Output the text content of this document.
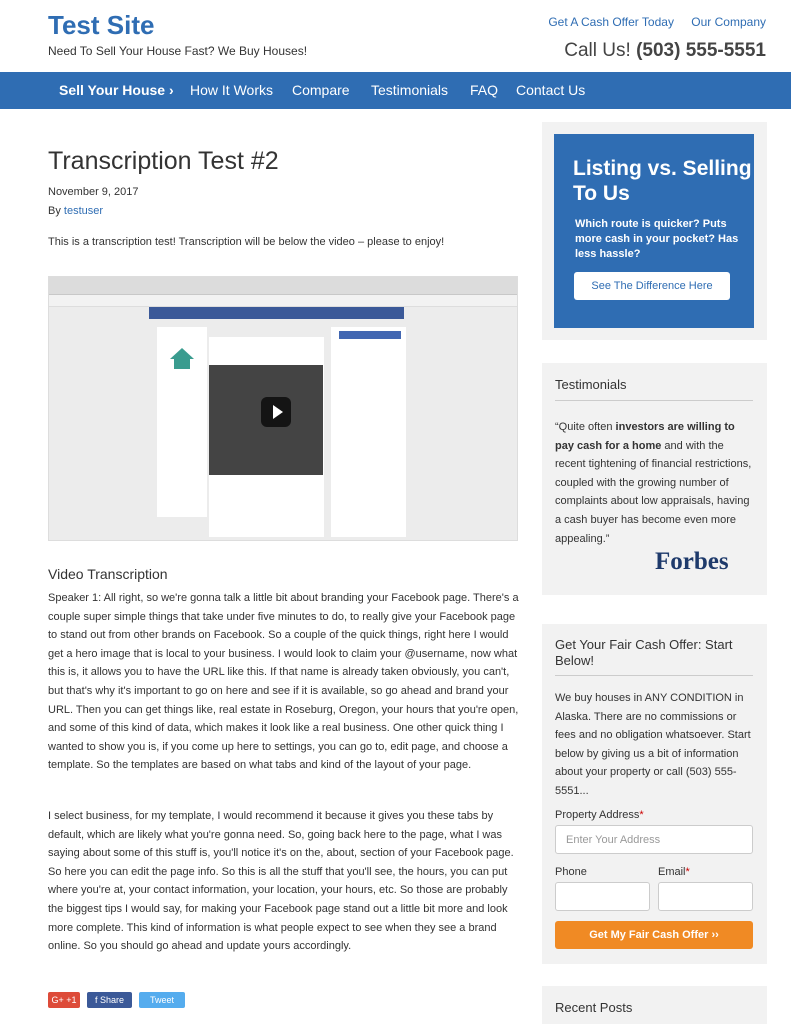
Test Site
Need To Sell Your House Fast? We Buy Houses!
Get A Cash Offer Today Our Company
Call Us! (503) 555-5551
Sell Your House › How It Works Compare Testimonials FAQ Contact Us
Transcription Test #2
November 9, 2017
By testuser
This is a transcription test! Transcription will be below the video – please to enjoy!
Video Transcription
Speaker 1: All right, so we're gonna talk a little bit about branding your Facebook page. There's a couple super simple things that take under five minutes to do, to really give your Facebook page to stand out from other brands on Facebook. So a couple of the quick things, right here I would get a hero image that is local to your business. I would look to claim your @username, now what this is, it allows you to have the URL like this. If that name is already taken obviously, you can't, but that's why it's important to go on here and see if it is available, so go ahead and brand your URL. Then you can get things like, real estate in Roseburg, Oregon, your hours that you're open, and some of this kind of data, which makes it look like a real business. One other quick thing I wanted to show you is, if you come up here to settings, you can go to, edit page, and choose a template. So the templates are based on what tabs and kind of the layout of your page.
I select business, for my template, I would recommend it because it gives you these tabs by default, which are likely what you're gonna need. So, going back here to the page, what I was saying about some of this stuff is, you'll notice it's on the, about, section of your Facebook page. So here you can edit the page info. So this is all the stuff that you'll see, the hours, you can put where you're at, your contact information, your location, your hours, etc. So those are probably the biggest tips I would say, for making your Facebook page stand out a little bit more and look more complete. This kind of information is what people expect to see when they see a brand online. So you should go ahead and update yours accordingly.
G+ +1	f Share	Tweet
Listing vs. Selling To Us
Which route is quicker? Puts more cash in your pocket? Has less hassle?
See The Difference Here
Testimonials
“Quite often investors are willing to pay cash for a home and with the recent tightening of financial restrictions, coupled with the growing number of complaints about low appraisals, having a cash buyer has become even more appealing.”
Forbes
Get Your Fair Cash Offer: Start Below!
We buy houses in ANY CONDITION in Alaska. There are no commissions or fees and no obligation whatsoever. Start below by giving us a bit of information about your property or call (503) 555-5551...
Property Address*
Enter Your Address
Phone	Email*
Get My Fair Cash Offer ››
Recent Posts
